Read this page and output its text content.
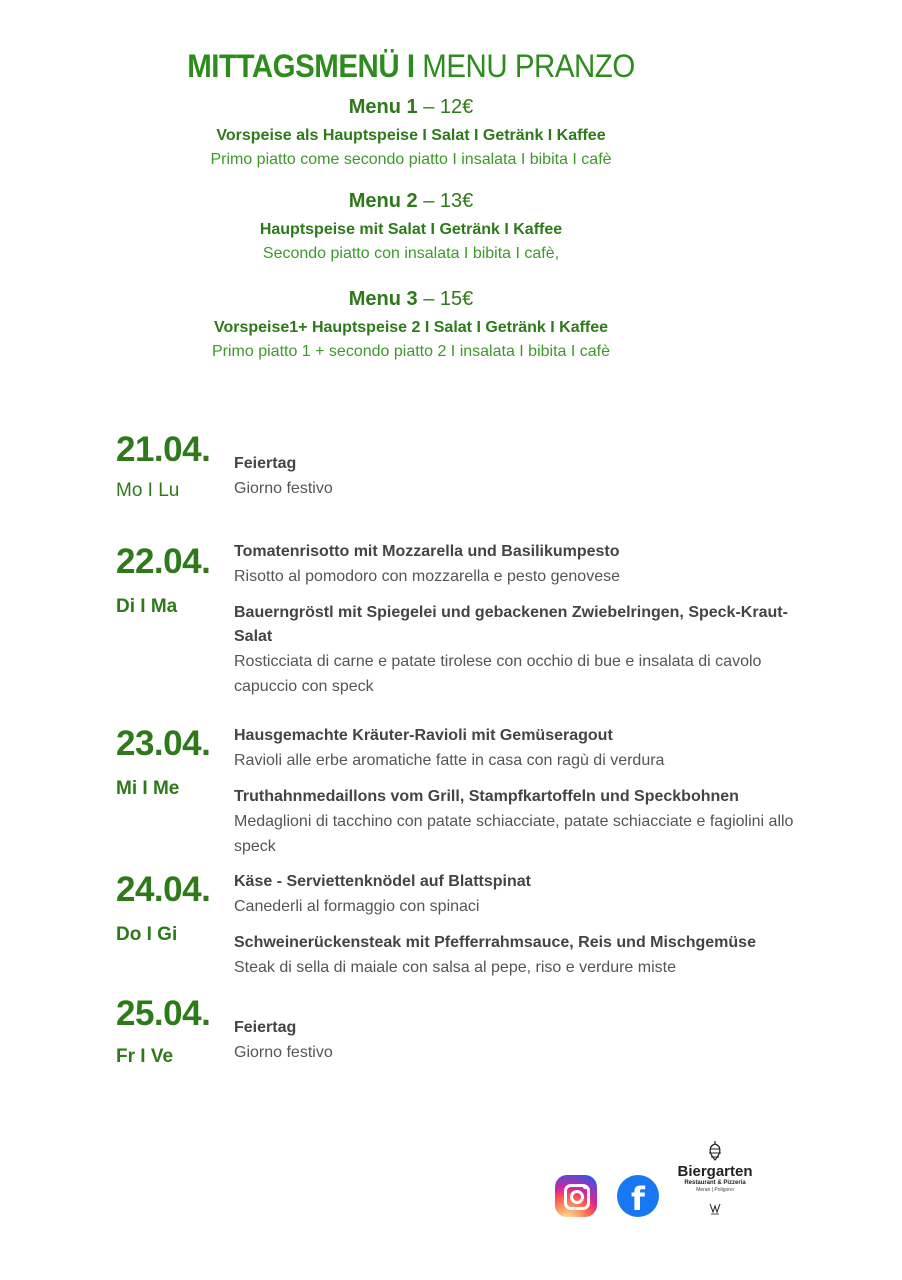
MITTAGSMENÜ I MENU PRANZO
Menu 1 – 12€
Vorspeise als Hauptspeise I Salat I Getränk I Kaffee
Primo piatto come secondo piatto I insalata I bibita I cafè
Menu 2 – 13€
Hauptspeise mit Salat I Getränk I Kaffee
Secondo piatto con insalata I bibita I cafè,
Menu 3 – 15€
Vorspeise1+ Hauptspeise 2 I Salat I Getränk I Kaffee
Primo piatto 1 + secondo piatto 2 I insalata I bibita I cafè
21.04.
Mo I Lu
Feiertag
Giorno festivo
22.04.
Di I Ma
Tomatenrisotto mit Mozzarella und Basilikumpesto
Risotto al pomodoro con mozzarella e pesto genovese
Bauerngröstl mit Spiegelei und gebackenen Zwiebelringen, Speck-Kraut-Salat
Rosticciata di carne e patate tirolese con occhio di bue e insalata di cavolo capuccio con speck
23.04.
Mi I Me
Hausgemachte Kräuter-Ravioli mit Gemüseragout
Ravioli alle erbe aromatiche fatte in casa con ragù di verdura
Truthahnmedaillons vom Grill, Stampfkartoffeln und Speckbohnen
Medaglioni di tacchino con patate schiacciate, patate schiacciate e fagiolini allo speck
24.04.
Do I Gi
Käse - Serviettenknödel auf Blattspinat
Canederli al formaggio con spinaci
Schweinerückensteak mit Pfefferrahmsauce, Reis und Mischgemüse
Steak di sella di maiale con salsa al pepe, riso e verdure miste
25.04.
Fr I Ve
Feiertag
Giorno festivo
f
Biergarten
Restaurant & Pizzeria
Meran | Poligono
